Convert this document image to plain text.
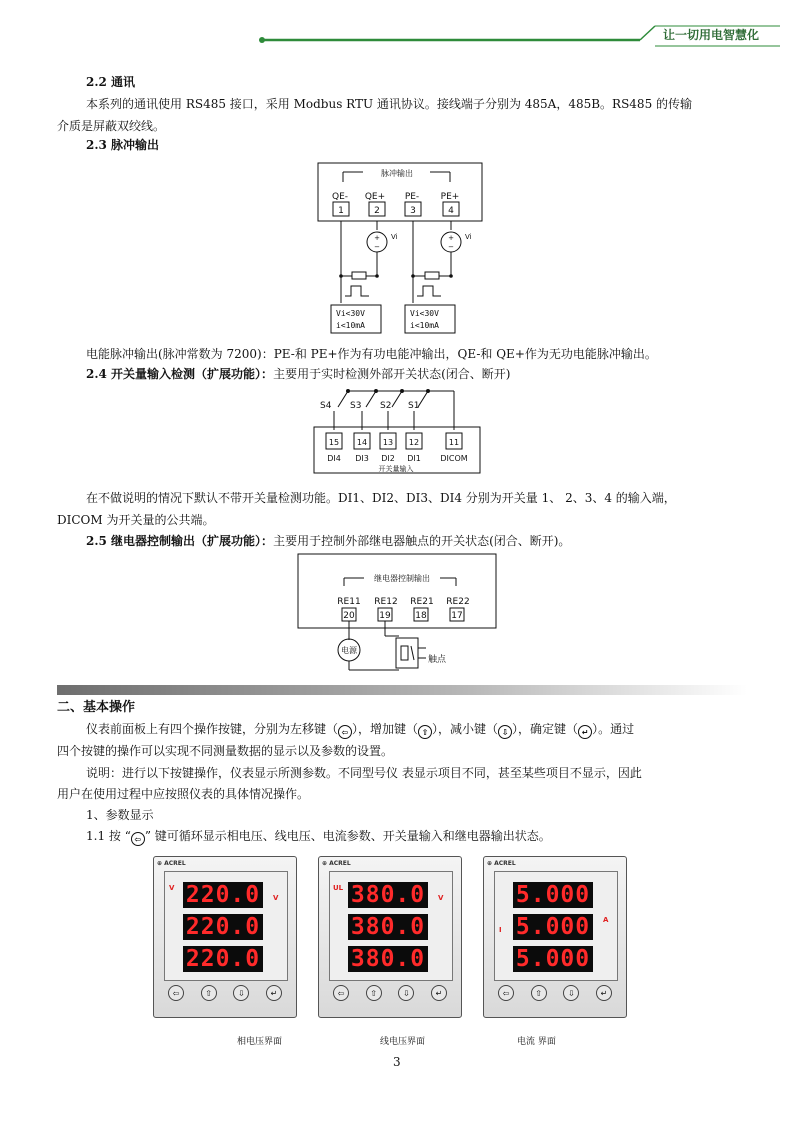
让一切用电智慧化
2.2 通讯
本系列的通讯使用 RS485 接口，采用 Modbus RTU 通讯协议。接线端子分别为 485A，485B。RS485 的传输
介质是屏蔽双绞线。
2.3 脉冲输出
脉冲输出
QE- QE+ PE- PE+
1	2	3	4
+
−
Vi
Vi<30V
i<10mA
+
−
Vi
Vi<30V
i<10mA
电能脉冲输出(脉冲常数为 7200)：PE-和 PE+作为有功电能冲输出，QE-和 QE+作为无功电能脉冲输出。
2.4 开关量输入检测（扩展功能）：主要用于实时检测外部开关状态(闭合、断开)
S4 S3 S2 S1
15 14 13 12	11
DI4 DI3 DI2 DI1 DICOM
开关量输入
在不做说明的情况下默认不带开关量检测功能。DI1、DI2、DI3、DI4 分别为开关量 1、 2、3、4 的输入端，
DICOM 为开关量的公共端。
2.5 继电器控制输出（扩展功能）：主要用于控制外部继电器触点的开关状态(闭合、断开)。
继电器控制输出
RE11 RE12 RE21 RE22
20	19	18	17
电源
触点
二、基本操作
仪表前面板上有四个操作按键，分别为左移键（ ⇦ ），增加键（ ⇧ ），减小键（ ⇩ ），确定键（ ↵ ）。通过
四个按键的操作可以实现不同测量数据的显示以及参数的设置。
说明：进行以下按键操作，仪表显示所测参数。不同型号仪 表显示项目不同，甚至某些项目不显示，因此
用户在使用过程中应按照仪表的具体情况操作。
1、参数显示
1.1 按 “ ⇦ ” 键可循环显示相电压、线电压、电流参数、开关量输入和继电器输出状态。
⊕ ACREL
V
V
220.0
220.0
220.0
⇦	⇧	⇩	↵
⊕ ACREL
UL
V
380.0
380.0
380.0
⇦	⇧	⇩	↵
⊕ ACREL
I
A
5.000
5.000
5.000
⇦	⇧	⇩	↵
相电压界面	线电压界面	电流 界面
3
